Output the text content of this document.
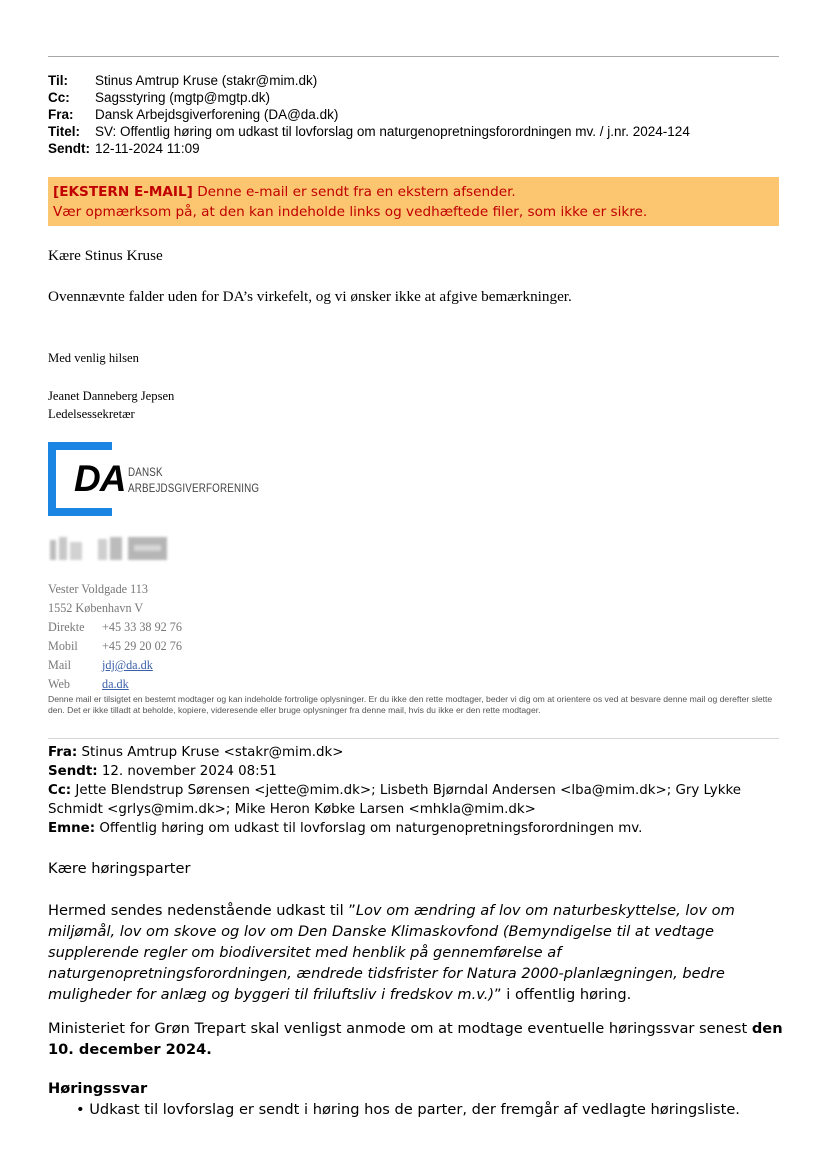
Til:	Stinus Amtrup Kruse (stakr@mim.dk)
Cc:	Sagsstyring (mgtp@mgtp.dk)
Fra:	Dansk Arbejdsgiverforening (DA@da.dk)
Titel:	SV: Offentlig høring om udkast til lovforslag om naturgenopretningsforordningen mv. / j.nr. 2024-124
Sendt: 12-11-2024 11:09
[EKSTERN E-MAIL] Denne e-mail er sendt fra en ekstern afsender.
Vær opmærksom på, at den kan indeholde links og vedhæftede filer, som ikke er sikre.
Kære Stinus Kruse
Ovennævnte falder uden for DA’s virkefelt, og vi ønsker ikke at afgive bemærkninger.
Med venlig hilsen
Jeanet Danneberg Jepsen
Ledelsessekretær
DA DANSK
ARBEJDSGIVERFORENING
Vester Voldgade 113
1552 København V
Direkte	+45 33 38 92 76
Mobil	+45 29 20 02 76
Mail	jdj@da.dk
Web	da.dk
Denne mail er tilsigtet en bestemt modtager og kan indeholde fortrolige oplysninger. Er du ikke den rette modtager, beder vi dig om at orientere os ved at besvare denne mail og derefter slette den. Det er ikke tilladt at beholde, kopiere, videresende eller bruge oplysninger fra denne mail, hvis du ikke er den rette modtager.
Fra: Stinus Amtrup Kruse <stakr@mim.dk>
Sendt: 12. november 2024 08:51
Cc: Jette Blendstrup Sørensen <jette@mim.dk>; Lisbeth Bjørndal Andersen <lba@mim.dk>; Gry Lykke Schmidt <grlys@mim.dk>; Mike Heron Købke Larsen <mhkla@mim.dk>
Emne: Offentlig høring om udkast til lovforslag om naturgenopretningsforordningen mv.
Kære høringsparter
Hermed sendes nedenstående udkast til ”Lov om ændring af lov om naturbeskyttelse, lov om miljømål, lov om skove og lov om Den Danske Klimaskovfond (Bemyndigelse til at vedtage supplerende regler om biodiversitet med henblik på gennemførelse af naturgenopretningsforordningen, ændrede tidsfrister for Natura 2000-planlægningen, bedre muligheder for anlæg og byggeri til friluftsliv i fredskov m.v.)” i offentlig høring.
Ministeriet for Grøn Trepart skal venligst anmode om at modtage eventuelle høringssvar senest den 10. december 2024.
Høringssvar
• Udkast til lovforslag er sendt i høring hos de parter, der fremgår af vedlagte høringsliste.
